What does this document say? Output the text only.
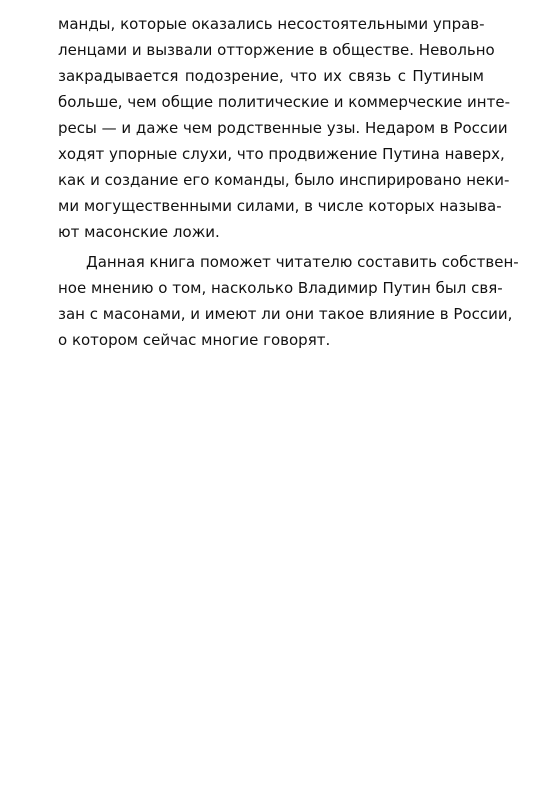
манды, которые оказались несостоятельными управ-
ленцами и вызвали отторжение в обществе. Невольно
закрадывается подозрение, что их связь с Путиным
больше, чем общие политические и коммерческие инте-
ресы — и даже чем родственные узы. Недаром в России
ходят упорные слухи, что продвижение Путина наверх,
как и создание его команды, было инспирировано неки-
ми могущественными силами, в числе которых называ-
ют масонские ложи.
Данная книга поможет читателю составить собствен-
ное мнению о том, насколько Владимир Путин был свя-
зан с масонами, и имеют ли они такое влияние в России,
о котором сейчас многие говорят.
